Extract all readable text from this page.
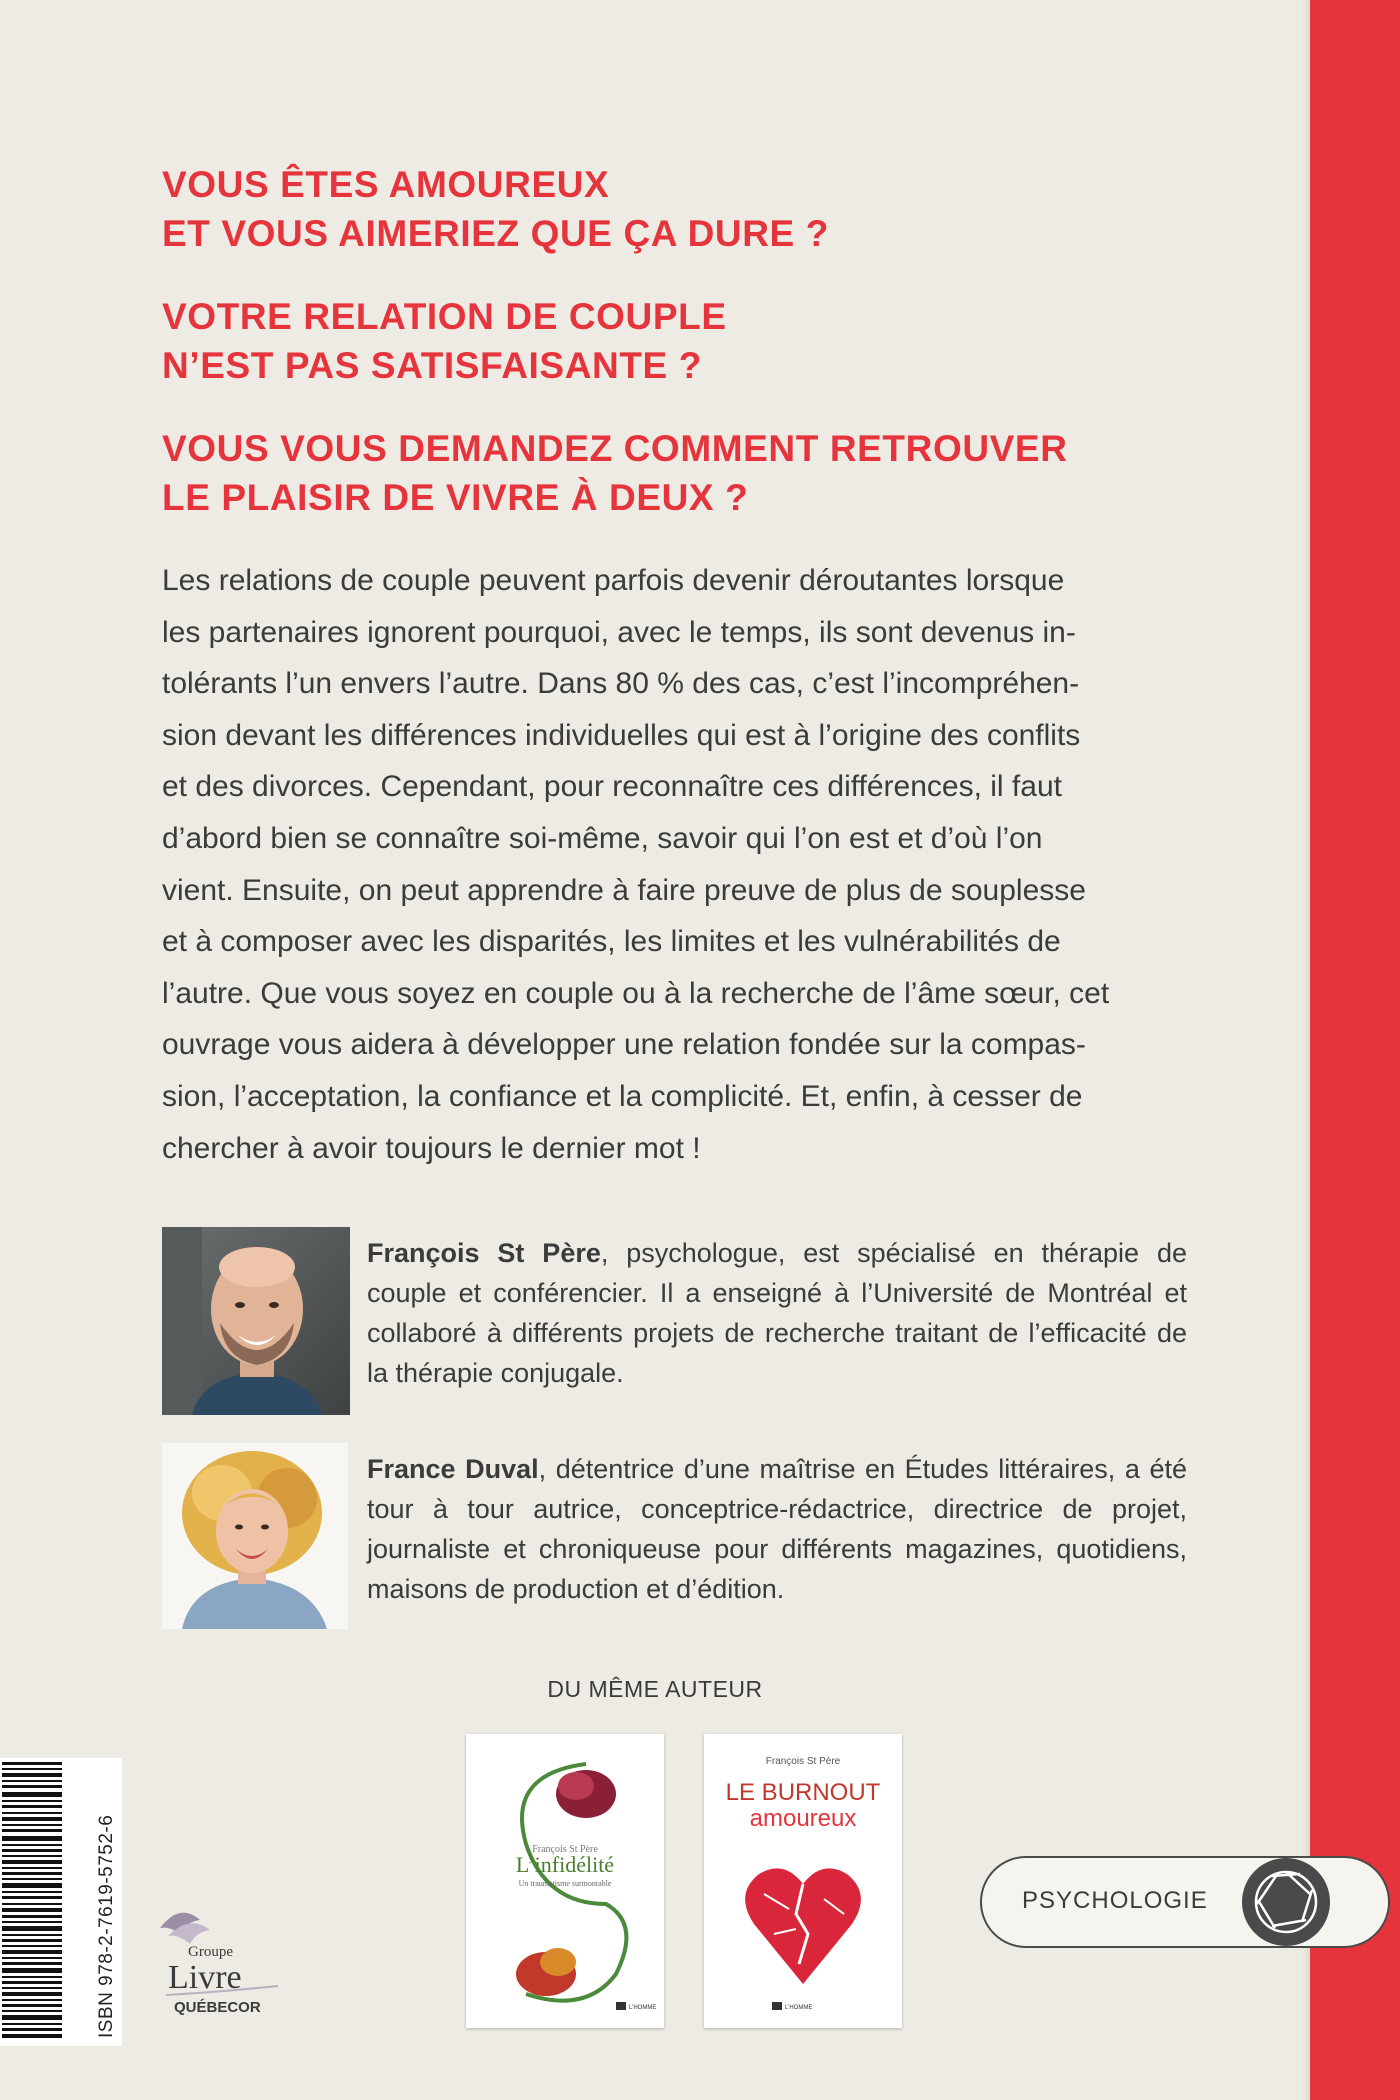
VOUS ÊTES AMOUREUX
ET VOUS AIMERIEZ QUE ÇA DURE ?
VOTRE RELATION DE COUPLE
N’EST PAS SATISFAISANTE ?
VOUS VOUS DEMANDEZ COMMENT RETROUVER
LE PLAISIR DE VIVRE À DEUX ?
Les relations de couple peuvent parfois devenir déroutantes lorsque
les partenaires ignorent pourquoi, avec le temps, ils sont devenus in-
tolérants l’un envers l’autre. Dans 80 % des cas, c’est l’incompréhen-
sion devant les différences individuelles qui est à l’origine des conflits
et des divorces. Cependant, pour reconnaître ces différences, il faut
d’abord bien se connaître soi-même, savoir qui l’on est et d’où l’on
vient. Ensuite, on peut apprendre à faire preuve de plus de souplesse
et à composer avec les disparités, les limites et les vulnérabilités de
l’autre. Que vous soyez en couple ou à la recherche de l’âme sœur, cet
ouvrage vous aidera à développer une relation fondée sur la compas-
sion, l’acceptation, la confiance et la complicité. Et, enfin, à cesser de
chercher à avoir toujours le dernier mot !
François St Père, psychologue, est spécialisé en thérapie de couple et conférencier. Il a enseigné à l’Université de Montréal et collaboré à différents projets de recherche traitant de l’efficacité de la thérapie conjugale.
France Duval, détentrice d’une maîtrise en Études littéraires, a été tour à tour autrice, conceptrice-rédactrice, directrice de projet, journaliste et chroniqueuse pour différents magazines, quotidiens, maisons de production et d’édition.
DU MÊME AUTEUR
François St Père
L’infidélité
Un traumatisme surmontable
L’HOMME
François St Père
LE BURNOUT
amoureux
L’HOMME
ISBN 978-2-7619-5752-6	Groupe
Livre
QUÉBECOR
PSYCHOLOGIE
